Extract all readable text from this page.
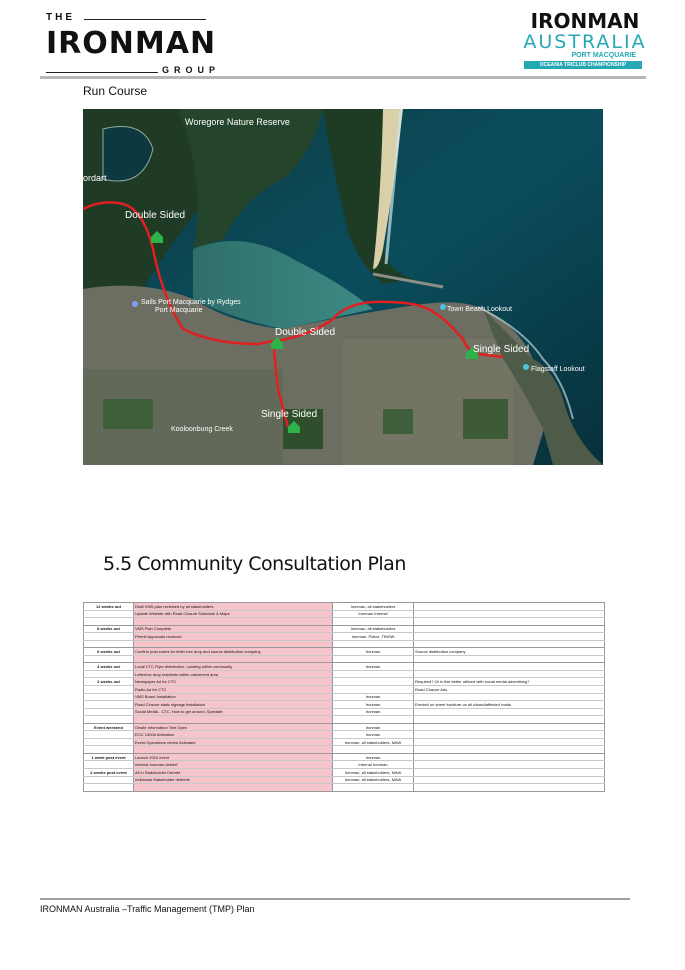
THE
IRONMAN
GROUP
IRONMAN
AUSTRALIA
PORT MACQUARIE
OCEANIA TRICLUB CHAMPIONSHIP
Run Course
Woregore Nature Reserve
ordart
Double Sided
Sails Port Macquarie by Rydges
Port Macquarie
Double Sided
Single Sided
Single Sided
Town Beach Lookout
Flagstaff Lookout
Kooloonbung Creek
5.5 Community Consultation Plan
12 weeks out	Draft VMS plan reviewed by all stakeholders	Ironman, all stakeholders	
	Update Website with Road Closure Schedule & Maps	Ironman Internal	

8 weeks out	VMS Plan Complete	Ironman, all stakeholders	
	Permit Approvals received	Ironman, Police, TfNSW	

6 weeks out	Confirm post codes for letter box drop and source distribution company	Ironman	Source distribution company

4 weeks out	Local CTC Flyer distribution / posting within community	Ironman	
	Letterbox drop residents within catchment area		
2 weeks out	Newspaper Ad for CTC		Required? Or is this better utilized with social media advertising?
	Radio Ad for CTC		Road Closure Ads
	VMS Board Installation	Ironman	
	Road Closure static signage installation	Ironman	Erected on street furniture on all closed/affected roads
	Social Media - CTC, How to get around, Spectate	Ironman	

Event weekend	Onsite Information Tent Open	Ironman	
	EOC 1300# Activation	Ironman	
	Event Operations centre Activated	Ironman, all stakeholders, MAW	

1 week post event	Launch 2024 event	Ironman	
	Internal Ironman debrief	Internal Ironman	
2 weeks post event	All in Stakeholder Debrief	Ironman, all stakeholders, MAW	
	Individual Stakeholder debriefs	Ironman, all stakeholders, MAW	

IRONMAN Australia –Traffic Management (TMP) Plan
